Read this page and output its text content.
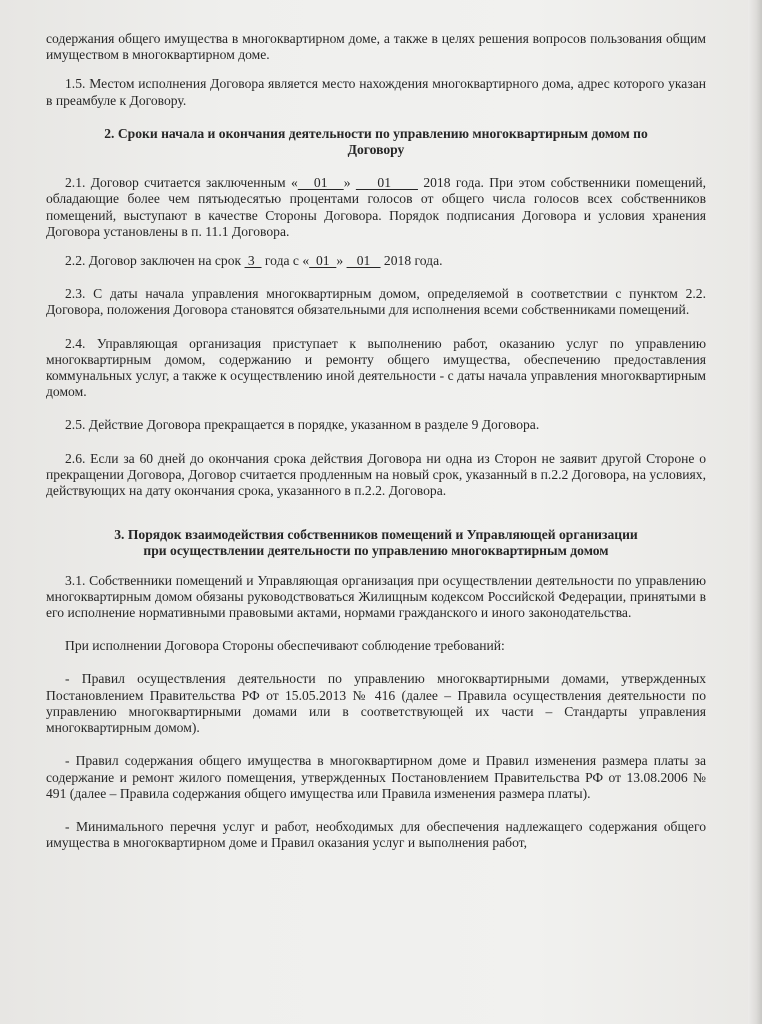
содержания общего имущества в многоквартирном доме, а также в целях решения вопросов пользования общим имуществом в многоквартирном доме.

1.5. Местом исполнения Договора является место нахождения многоквартирного дома, адрес которого указан в преамбуле к Договору.

2. Сроки начала и окончания деятельности по управлению многоквартирным домом по
Договору

2.1. Договор считается заключенным «   01   »     01      2018 года. При этом собственники помещений, обладающие более чем пятьюдесятью процентами голосов от общего числа голосов всех собственников помещений, выступают в качестве Стороны Договора. Порядок подписания Договора и условия хранения Договора установлены в п. 11.1 Договора.

2.2. Договор заключен на срок  3   года с «  01  »    01    2018 года.

2.3. С даты начала управления многоквартирным домом, определяемой в соответствии с пунктом 2.2. Договора, положения Договора становятся обязательными для исполнения всеми собственниками помещений.

2.4. Управляющая организация приступает к выполнению работ, оказанию услуг по управлению многоквартирным домом, содержанию и ремонту общего имущества, обеспечению предоставления коммунальных услуг, а также к осуществлению иной деятельности - с даты начала управления многоквартирным домом.

2.5. Действие Договора прекращается в порядке, указанном в разделе 9 Договора.

2.6. Если за 60 дней до окончания срока действия Договора ни одна из Сторон не заявит другой Стороне о прекращении Договора, Договор считается продленным на новый срок, указанный в п.2.2 Договора, на условиях, действующих на дату окончания срока, указанного в п.2.2. Договора.

3. Порядок взаимодействия собственников помещений и Управляющей организации
при осуществлении деятельности по управлению многоквартирным домом

3.1. Собственники помещений и Управляющая организация при осуществлении деятельности по управлению многоквартирным домом обязаны руководствоваться Жилищным кодексом Российской Федерации, принятыми в его исполнение нормативными правовыми актами, нормами гражданского и иного законодательства.

При исполнении Договора Стороны обеспечивают соблюдение требований:

- Правил осуществления деятельности по управлению многоквартирными домами, утвержденных Постановлением Правительства РФ от 15.05.2013 № 416 (далее – Правила осуществления деятельности по управлению многоквартирными домами или в соответствующей их части – Стандарты управления многоквартирным домом).

- Правил содержания общего имущества в многоквартирном доме и Правил изменения размера платы за содержание и ремонт жилого помещения, утвержденных Постановлением Правительства РФ от 13.08.2006 № 491 (далее – Правила содержания общего имущества или Правила изменения размера платы).

- Минимального перечня услуг и работ, необходимых для обеспечения надлежащего содержания общего имущества в многоквартирном доме и Правил оказания услуг и выполнения работ,
